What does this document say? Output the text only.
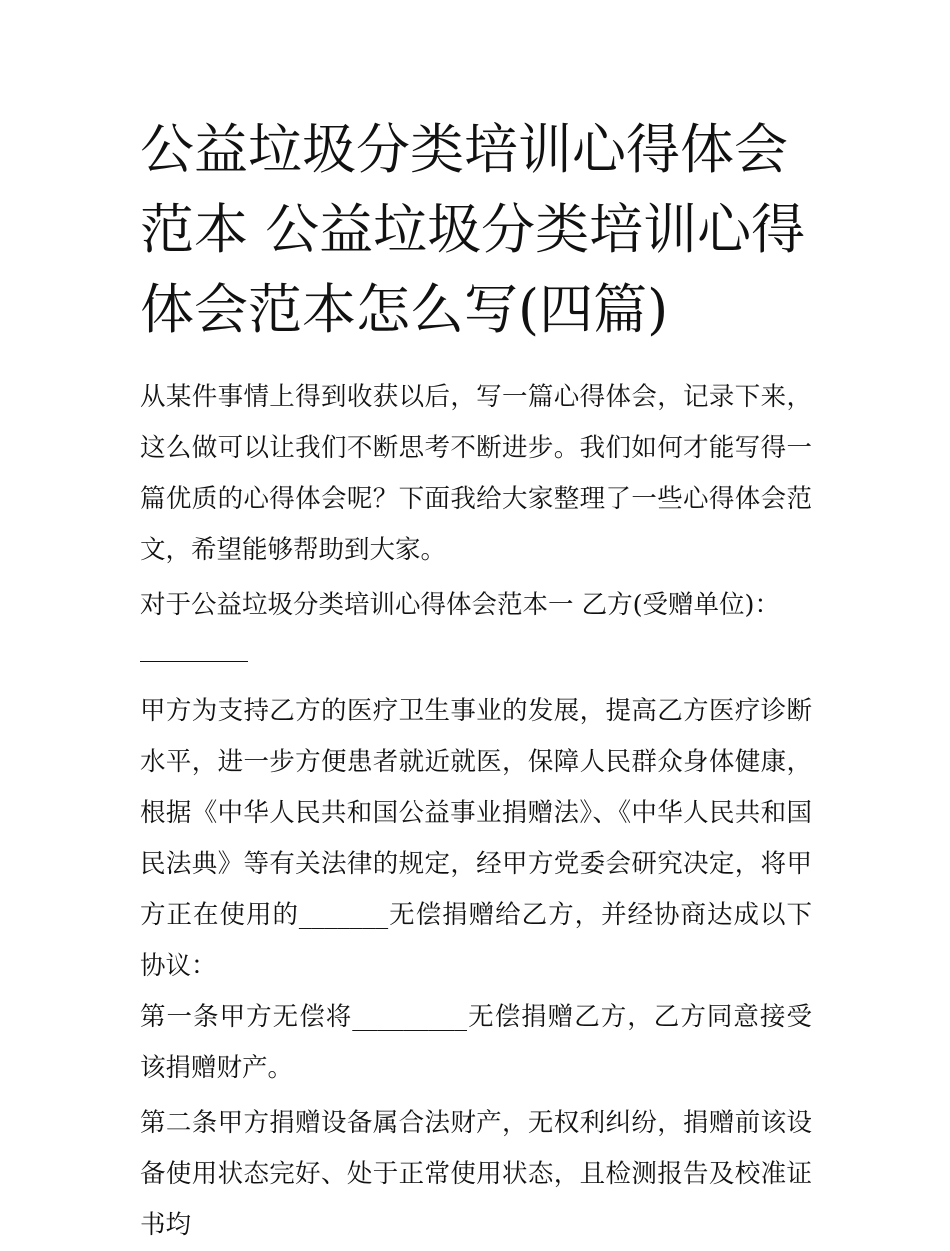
公益垃圾分类培训心得体会范本 公益垃圾分类培训心得体会范本怎么写(四篇)

从某件事情上得到收获以后，写一篇心得体会，记录下来，这么做可以让我们不断思考不断进步。我们如何才能写得一篇优质的心得体会呢？下面我给大家整理了一些心得体会范文，希望能够帮助到大家。

对于公益垃圾分类培训心得体会范本一 乙方(受赠单位)：

甲方为支持乙方的医疗卫生事业的发展，提高乙方医疗诊断水平，进一步方便患者就近就医，保障人民群众身体健康，根据《中华人民共和国公益事业捐赠法》、《中华人民共和国民法典》等有关法律的规定，经甲方党委会研究决定，将甲方正在使用的_______无偿捐赠给乙方，并经协商达成以下协议：

第一条甲方无偿将_________无偿捐赠乙方，乙方同意接受该捐赠财产。

第二条甲方捐赠设备属合法财产，无权利纠纷，捐赠前该设备使用状态完好、处于正常使用状态，且检测报告及校准证书均
